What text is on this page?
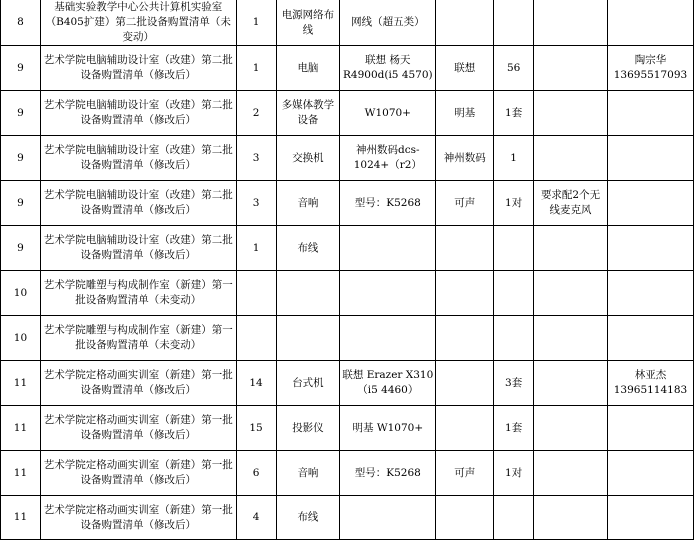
8	基础实验教学中心公共计算机实验室（B405扩建）第二批设备购置清单（未变动）	1	电源网络布线	网线（超五类）				
9	艺术学院电脑辅助设计室（改建）第二批设备购置清单（修改后）	1	电脑	联想 杨天 R4900d(i5 4570)	联想	56		陶宗华 13695517093
9	艺术学院电脑辅助设计室（改建）第二批设备购置清单（修改后）	2	多媒体教学设备	W1070+	明基	1套		
9	艺术学院电脑辅助设计室（改建）第二批设备购置清单（修改后）	3	交换机	神州数码dcs-1024+（r2）	神州数码	1		
9	艺术学院电脑辅助设计室（改建）第二批设备购置清单（修改后）	3	音响	型号：K5268	可声	1对	要求配2个无线麦克风	
9	艺术学院电脑辅助设计室（改建）第二批设备购置清单（修改后）	1	布线					
10	艺术学院雕塑与构成制作室（新建）第一批设备购置清单（未变动）							
10	艺术学院雕塑与构成制作室（新建）第一批设备购置清单（未变动）							
11	艺术学院定格动画实训室（新建）第一批设备购置清单（修改后）	14	台式机	联想 Erazer X310（i5 4460）		3套		林亚杰 13965114183
11	艺术学院定格动画实训室（新建）第一批设备购置清单（修改后）	15	投影仪	明基 W1070+		1套		
11	艺术学院定格动画实训室（新建）第一批设备购置清单（修改后）	6	音响	型号：K5268	可声	1对		
11	艺术学院定格动画实训室（新建）第一批设备购置清单（修改后）	4	布线					
